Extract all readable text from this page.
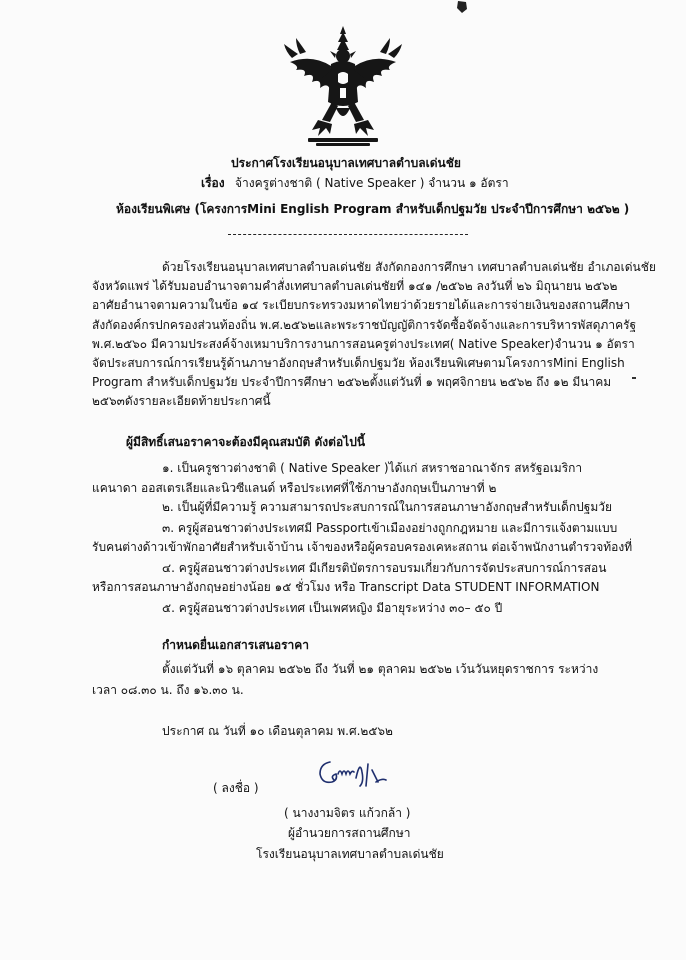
ประกาศโรงเรียนอนุบาลเทศบาลตำบลเด่นชัย
เรื่อง จ้างครูต่างชาติ ( Native Speaker ) จำนวน ๑ อัตรา
ห้องเรียนพิเศษ (โครงการMini English Program สำหรับเด็กปฐมวัย ประจำปีการศึกษา ๒๕๖๒ )
ด้วยโรงเรียนอนุบาลเทศบาลตำบลเด่นชัย สังกัดกองการศึกษา เทศบาลตำบลเด่นชัย อำเภอเด่นชัย
จังหวัดแพร่ ได้รับมอบอำนาจตามคำสั่งเทศบาลตำบลเด่นชัยที่ ๑๔๑ /๒๕๖๒ ลงวันที่ ๒๖ มิถุนายน ๒๕๖๒
อาศัยอำนาจตามความในข้อ ๑๔ ระเบียบกระทรวงมหาดไทยว่าด้วยรายได้และการจ่ายเงินของสถานศึกษา
สังกัดองค์กรปกครองส่วนท้องถิ่น พ.ศ.๒๕๖๒และพระราชบัญญัติการจัดซื้อจัดจ้างและการบริหารพัสดุภาครัฐ
พ.ศ.๒๕๖๐ มีความประสงค์จ้างเหมาบริการงานการสอนครูต่างประเทศ( Native Speaker)จำนวน ๑ อัตรา
จัดประสบการณ์การเรียนรู้ด้านภาษาอังกฤษสำหรับเด็กปฐมวัย ห้องเรียนพิเศษตามโครงการMini English
Program สำหรับเด็กปฐมวัย ประจำปีการศึกษา ๒๕๖๒ตั้งแต่วันที่ ๑ พฤศจิกายน ๒๕๖๒ ถึง ๑๒ มีนาคม
๒๕๖๓ดังรายละเอียดท้ายประกาศนี้
ผู้มีสิทธิ์เสนอราคาจะต้องมีคุณสมบัติ ดังต่อไปนี้
๑. เป็นครูชาวต่างชาติ ( Native Speaker )ได้แก่ สหราชอาณาจักร สหรัฐอเมริกา
แคนาดา ออสเตรเลียและนิวซีแลนด์ หรือประเทศที่ใช้ภาษาอังกฤษเป็นภาษาที่ ๒
๒. เป็นผู้ที่มีความรู้ ความสามารถประสบการณ์ในการสอนภาษาอังกฤษสำหรับเด็กปฐมวัย
๓. ครูผู้สอนชาวต่างประเทศมี Passportเข้าเมืองอย่างถูกกฎหมาย และมีการแจ้งตามแบบ
รับคนต่างด้าวเข้าพักอาศัยสำหรับเจ้าบ้าน เจ้าของหรือผู้ครอบครองเคหะสถาน ต่อเจ้าพนักงานตำรวจท้องที่
๔. ครูผู้สอนชาวต่างประเทศ มีเกียรติบัตรการอบรมเกี่ยวกับการจัดประสบการณ์การสอน
หรือการสอนภาษาอังกฤษอย่างน้อย ๑๕ ชั่วโมง หรือ Transcript Data STUDENT INFORMATION
๕. ครูผู้สอนชาวต่างประเทศ เป็นเพศหญิง มีอายุระหว่าง ๓๐– ๕๐ ปี
กำหนดยื่นเอกสารเสนอราคา
ตั้งแต่วันที่ ๑๖ ตุลาคม ๒๕๖๒ ถึง วันที่ ๒๑ ตุลาคม ๒๕๖๒ เว้นวันหยุดราชการ ระหว่าง
เวลา ๐๘.๓๐ น. ถึง ๑๖.๓๐ น.
ประกาศ ณ วันที่ ๑๐ เดือนตุลาคม พ.ศ.๒๕๖๒
( ลงชื่อ )
( นางงามจิตร แก้วกล้า )
ผู้อำนวยการสถานศึกษา
โรงเรียนอนุบาลเทศบาลตำบลเด่นชัย
